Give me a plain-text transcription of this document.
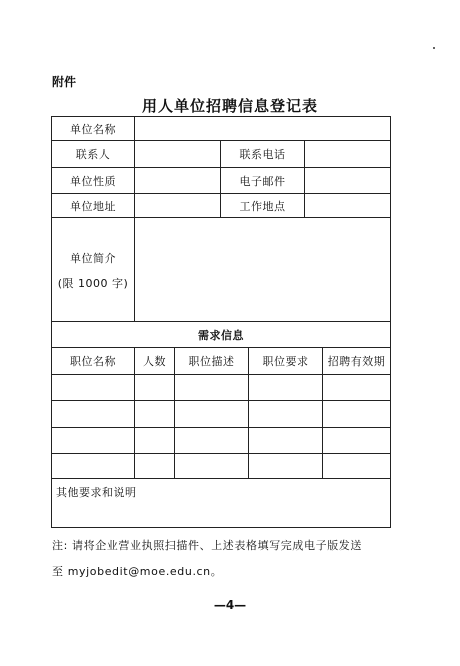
附件
用人单位招聘信息登记表
单位名称
联系人	联系电话
单位性质	电子邮件
单位地址	工作地点
单位简介
(限 1000 字)
需求信息
职位名称	人数	职位描述	职位要求	招聘有效期
其他要求和说明
注: 请将企业营业执照扫描件、上述表格填写完成电子版发送
至 myjobedit@moe.edu.cn。
—4—
